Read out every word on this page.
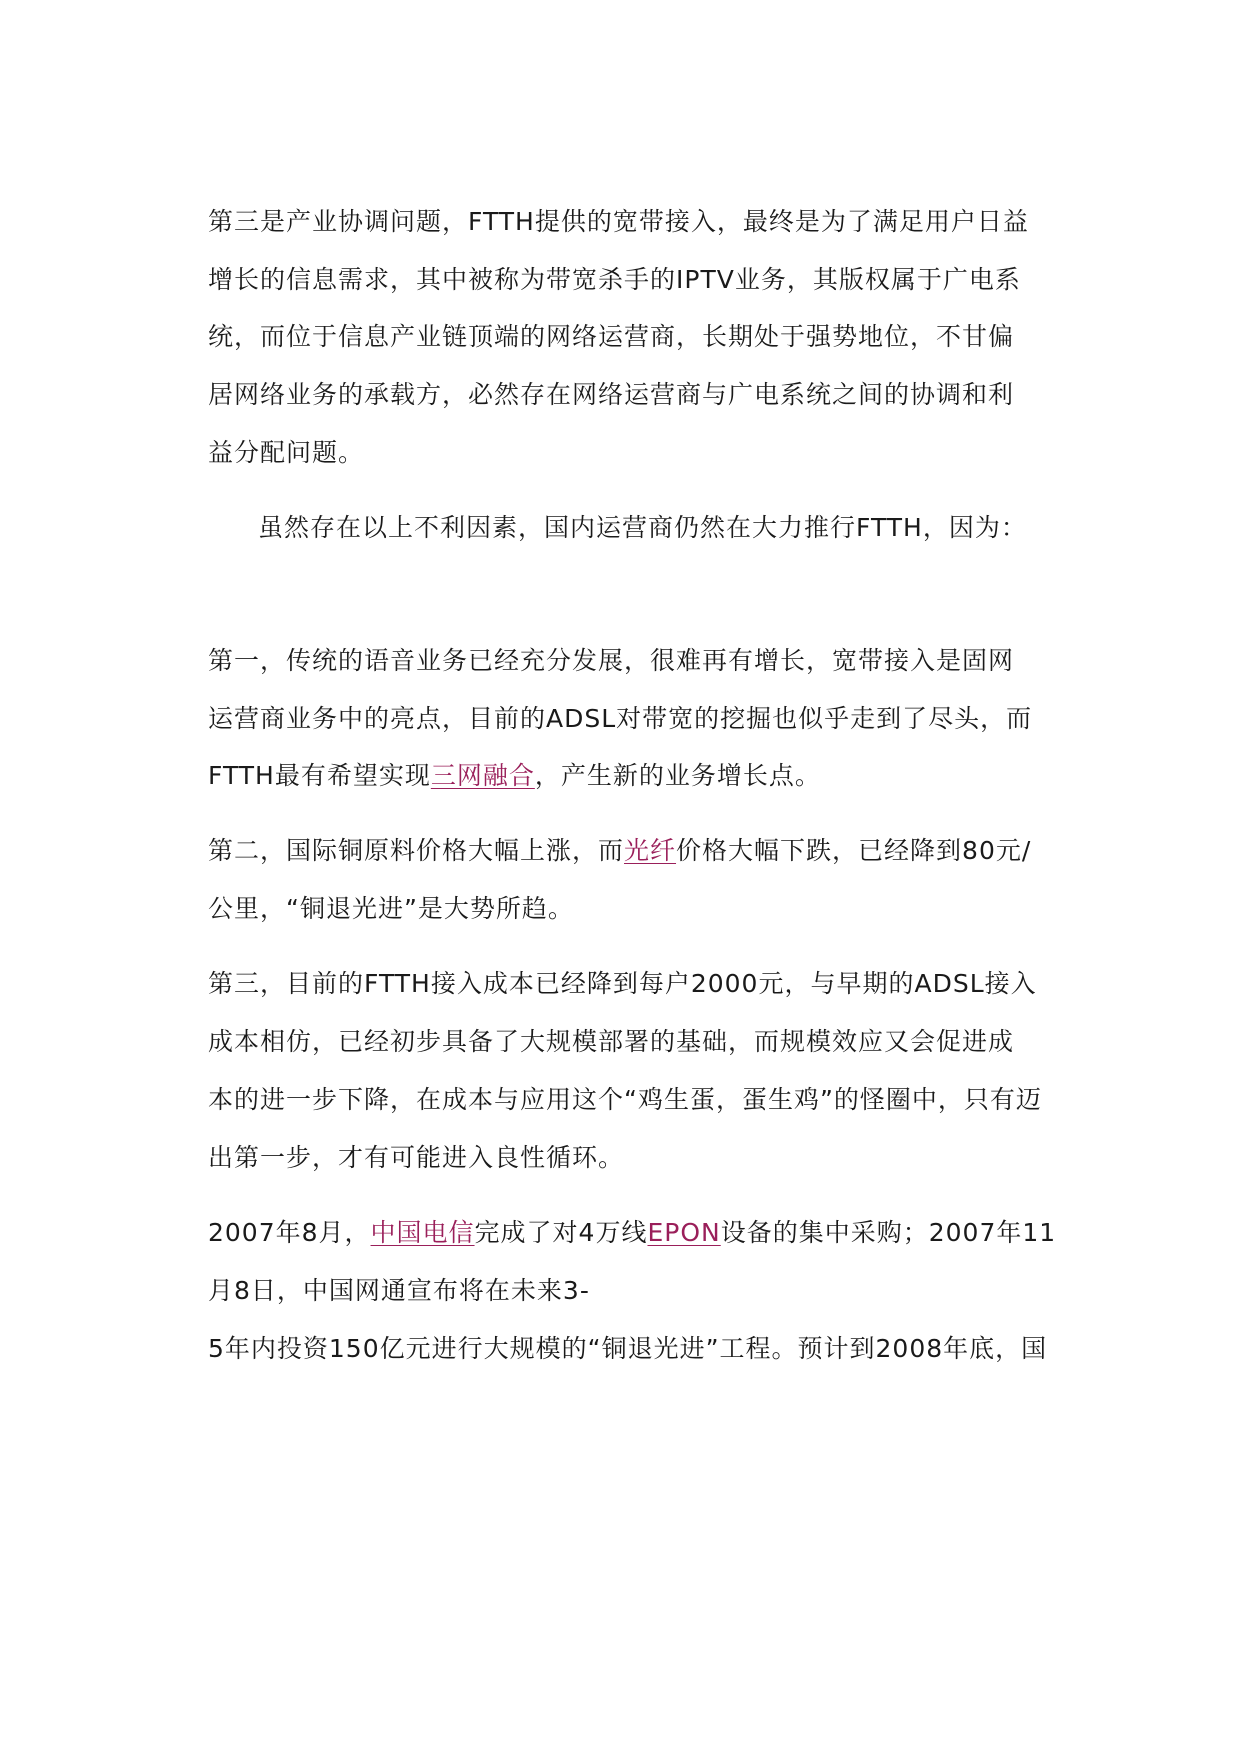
第三是产业协调问题，FTTH提供的宽带接入，最终是为了满足用户日益
增长的信息需求，其中被称为带宽杀手的IPTV业务，其版权属于广电系
统，而位于信息产业链顶端的网络运营商，长期处于强势地位，不甘偏
居网络业务的承载方，必然存在网络运营商与广电系统之间的协调和利
益分配问题。
虽然存在以上不利因素，国内运营商仍然在大力推行FTTH，因为：
第一，传统的语音业务已经充分发展，很难再有增长，宽带接入是固网
运营商业务中的亮点，目前的ADSL对带宽的挖掘也似乎走到了尽头，而
FTTH最有希望实现三网融合，产生新的业务增长点。
第二，国际铜原料价格大幅上涨，而光纤价格大幅下跌，已经降到80元/
公里，“铜退光进”是大势所趋。
第三，目前的FTTH接入成本已经降到每户2000元，与早期的ADSL接入
成本相仿，已经初步具备了大规模部署的基础，而规模效应又会促进成
本的进一步下降，在成本与应用这个“鸡生蛋，蛋生鸡”的怪圈中，只有迈
出第一步，才有可能进入良性循环。
2007年8月，中国电信完成了对4万线EPON设备的集中采购；2007年11
月8日，中国网通宣布将在未来3-
5年内投资150亿元进行大规模的“铜退光进”工程。预计到2008年底，国
